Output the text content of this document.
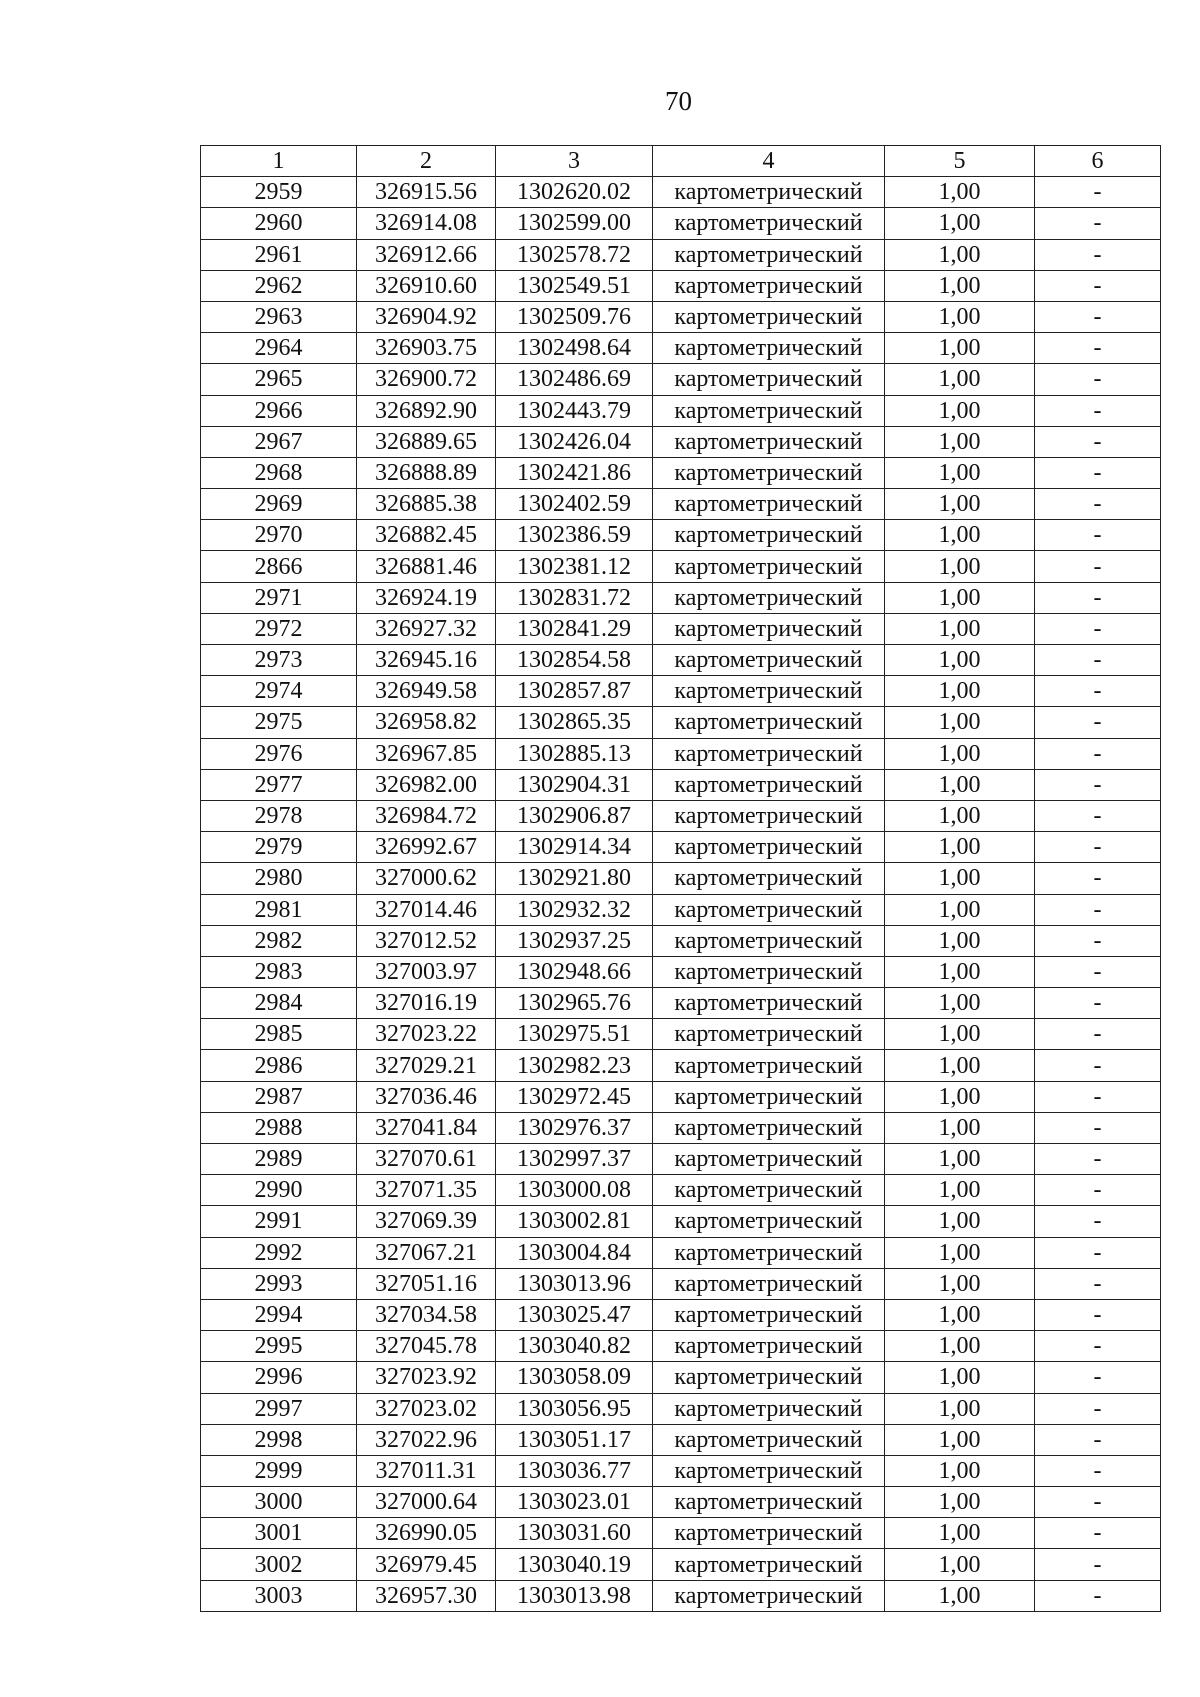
70
1	2	3	4	5	6
2959	326915.56	1302620.02	картометрический	1,00	-
2960	326914.08	1302599.00	картометрический	1,00	-
2961	326912.66	1302578.72	картометрический	1,00	-
2962	326910.60	1302549.51	картометрический	1,00	-
2963	326904.92	1302509.76	картометрический	1,00	-
2964	326903.75	1302498.64	картометрический	1,00	-
2965	326900.72	1302486.69	картометрический	1,00	-
2966	326892.90	1302443.79	картометрический	1,00	-
2967	326889.65	1302426.04	картометрический	1,00	-
2968	326888.89	1302421.86	картометрический	1,00	-
2969	326885.38	1302402.59	картометрический	1,00	-
2970	326882.45	1302386.59	картометрический	1,00	-
2866	326881.46	1302381.12	картометрический	1,00	-
2971	326924.19	1302831.72	картометрический	1,00	-
2972	326927.32	1302841.29	картометрический	1,00	-
2973	326945.16	1302854.58	картометрический	1,00	-
2974	326949.58	1302857.87	картометрический	1,00	-
2975	326958.82	1302865.35	картометрический	1,00	-
2976	326967.85	1302885.13	картометрический	1,00	-
2977	326982.00	1302904.31	картометрический	1,00	-
2978	326984.72	1302906.87	картометрический	1,00	-
2979	326992.67	1302914.34	картометрический	1,00	-
2980	327000.62	1302921.80	картометрический	1,00	-
2981	327014.46	1302932.32	картометрический	1,00	-
2982	327012.52	1302937.25	картометрический	1,00	-
2983	327003.97	1302948.66	картометрический	1,00	-
2984	327016.19	1302965.76	картометрический	1,00	-
2985	327023.22	1302975.51	картометрический	1,00	-
2986	327029.21	1302982.23	картометрический	1,00	-
2987	327036.46	1302972.45	картометрический	1,00	-
2988	327041.84	1302976.37	картометрический	1,00	-
2989	327070.61	1302997.37	картометрический	1,00	-
2990	327071.35	1303000.08	картометрический	1,00	-
2991	327069.39	1303002.81	картометрический	1,00	-
2992	327067.21	1303004.84	картометрический	1,00	-
2993	327051.16	1303013.96	картометрический	1,00	-
2994	327034.58	1303025.47	картометрический	1,00	-
2995	327045.78	1303040.82	картометрический	1,00	-
2996	327023.92	1303058.09	картометрический	1,00	-
2997	327023.02	1303056.95	картометрический	1,00	-
2998	327022.96	1303051.17	картометрический	1,00	-
2999	327011.31	1303036.77	картометрический	1,00	-
3000	327000.64	1303023.01	картометрический	1,00	-
3001	326990.05	1303031.60	картометрический	1,00	-
3002	326979.45	1303040.19	картометрический	1,00	-
3003	326957.30	1303013.98	картометрический	1,00	-
